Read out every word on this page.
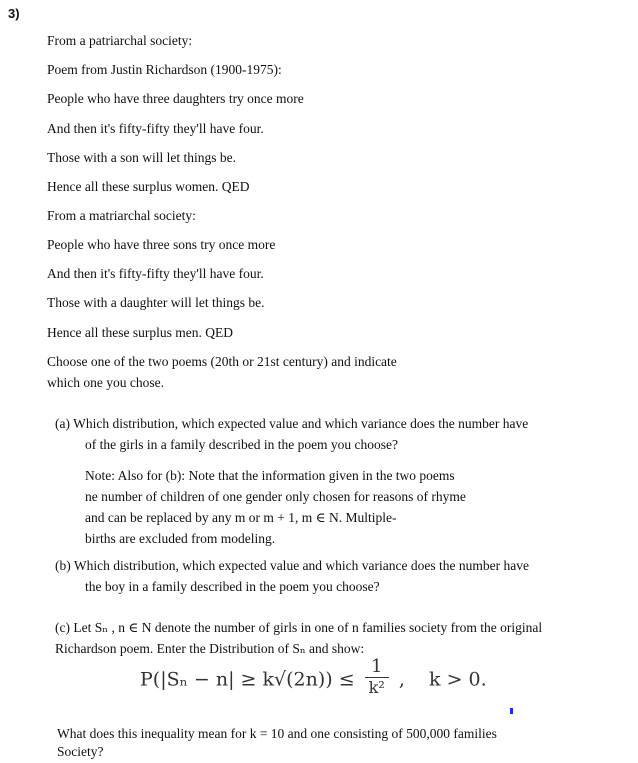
3)
From a patriarchal society:
Poem from Justin Richardson (1900-1975):
People who have three daughters try once more
And then it's fifty-fifty they'll have four.
Those with a son will let things be.
Hence all these surplus women. QED
From a matriarchal society:
People who have three sons try once more
And then it's fifty-fifty they'll have four.
Those with a daughter will let things be.
Hence all these surplus men. QED
Choose one of the two poems (20th or 21st century) and indicate
which one you chose.
(a) Which distribution, which expected value and which variance does the number have
of the girls in a family described in the poem you choose?
Note: Also for (b): Note that the information given in the two poems
ne number of children of one gender only chosen for reasons of rhyme
and can be replaced by any m or m + 1, m ∈ N. Multiple-
births are excluded from modeling.
(b) Which distribution, which expected value and which variance does the number have
the boy in a family described in the poem you choose?
(c) Let Sₙ , n ∈ N denote the number of girls in one of n families society from the original
Richardson poem. Enter the Distribution of Sₙ and show:
$P(|S_n - n| \ge k√(2n)) \le \frac{1}{\text{k²}}$ ,    k > 0.
What does this inequality mean for k = 10 and one consisting of 500,000 families
Society?
